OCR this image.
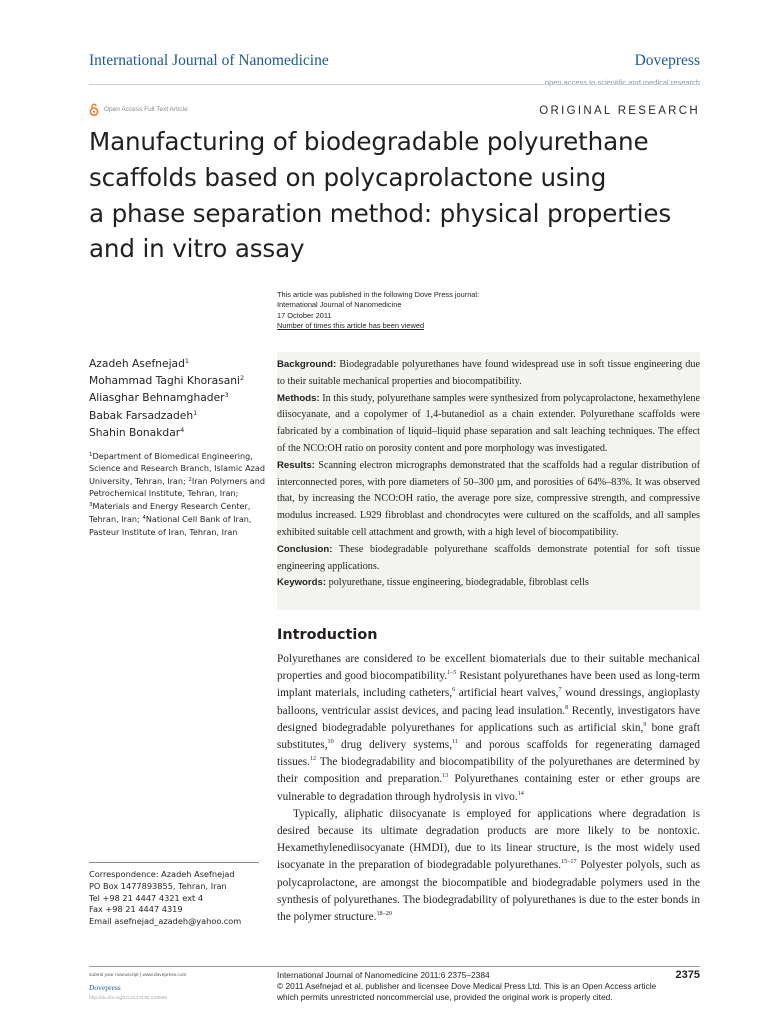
International Journal of Nanomedicine	Dovepress
open access to scientific and medical research
Open Access Full Text Article	ORIGINAL RESEARCH
Manufacturing of biodegradable polyurethane
scaffolds based on polycaprolactone using
a phase separation method: physical properties
and in vitro assay
This article was published in the following Dove Press journal:
International Journal of Nanomedicine
17 October 2011
Number of times this article has been viewed
Azadeh Asefnejad$^1$
Mohammad Taghi Khorasani$^2$
Aliasghar Behnamghader$^3$
Babak Farsadzadeh$^1$
Shahin Bonakdar$^4$
$^1$Department of Biomedical Engineering, Science and Research Branch, Islamic Azad University, Tehran, Iran; $^2$Iran Polymers and Petrochemical Institute, Tehran, Iran; $^3$Materials and Energy Research Center, Tehran, Iran; $^4$National Cell Bank of Iran, Pasteur Institute of Iran, Tehran, Iran

Background: Biodegradable polyurethanes have found widespread use in soft tissue engineering due to their suitable mechanical properties and biocompatibility.

Methods: In this study, polyurethane samples were synthesized from polycaprolactone, hexamethylene diisocyanate, and a copolymer of 1,4-butanediol as a chain extender. Polyurethane scaffolds were fabricated by a combination of liquid–liquid phase separation and salt leaching techniques. The effect of the NCO:OH ratio on porosity content and pore morphology was investigated.

Results: Scanning electron micrographs demonstrated that the scaffolds had a regular distribution of interconnected pores, with pore diameters of 50–300 µm, and porosities of 64%–83%. It was observed that, by increasing the NCO:OH ratio, the average pore size, compressive strength, and compressive modulus increased. L929 fibroblast and chondrocytes were cultured on the scaffolds, and all samples exhibited suitable cell attachment and growth, with a high level of biocompatibility.

Conclusion: These biodegradable polyurethane scaffolds demonstrate potential for soft tissue engineering applications.

Keywords: polyurethane, tissue engineering, biodegradable, fibroblast cells

Introduction

Polyurethanes are considered to be excellent biomaterials due to their suitable mechanical properties and good biocompatibility.$^{1-5}$ Resistant polyurethanes have been used as long-term implant materials, including catheters,$^6$ artificial heart valves,$^7$ wound dressings, angioplasty balloons, ventricular assist devices, and pacing lead insulation.$^8$ Recently, investigators have designed biodegradable polyurethanes for applications such as artificial skin,$^9$ bone graft substitutes,$^{10}$ drug delivery systems,$^{11}$ and porous scaffolds for regenerating damaged tissues.$^{12}$ The biodegradability and biocompatibility of the polyurethanes are determined by their composition and preparation.$^{13}$ Polyurethanes containing ester or ether groups are vulnerable to degradation through hydrolysis in vivo.$^{14}$

Typically, aliphatic diisocyanate is employed for applications where degradation is desired because its ultimate degradation products are more likely to be nontoxic. Hexamethylenediisocyanate (HMDI), due to its linear structure, is the most widely used isocyanate in the preparation of biodegradable polyurethanes.$^{15-17}$ Polyester polyols, such as polycaprolactone, are amongst the biocompatible and biodegradable polymers used in the synthesis of polyurethanes. The biodegradability of polyurethanes is due to the ester bonds in the polymer structure.$^{18-20}$

Correspondence: Azadeh Asefnejad
PO Box 1477893855, Tehran, Iran
Tel +98 21 4447 4321 ext 4
Fax +98 21 4447 4319
Email asefnejad_azadeh@yahoo.com
submit your manuscript | www.dovepress.com
Dovepress
http://dx.doi.org/10.2147/IJN.S15586
International Journal of Nanomedicine 2011:6 2375–2384
© 2011 Asefnejad et al, publisher and licensee Dove Medical Press Ltd. This is an Open Access article
which permits unrestricted noncommercial use, provided the original work is properly cited.
2375
